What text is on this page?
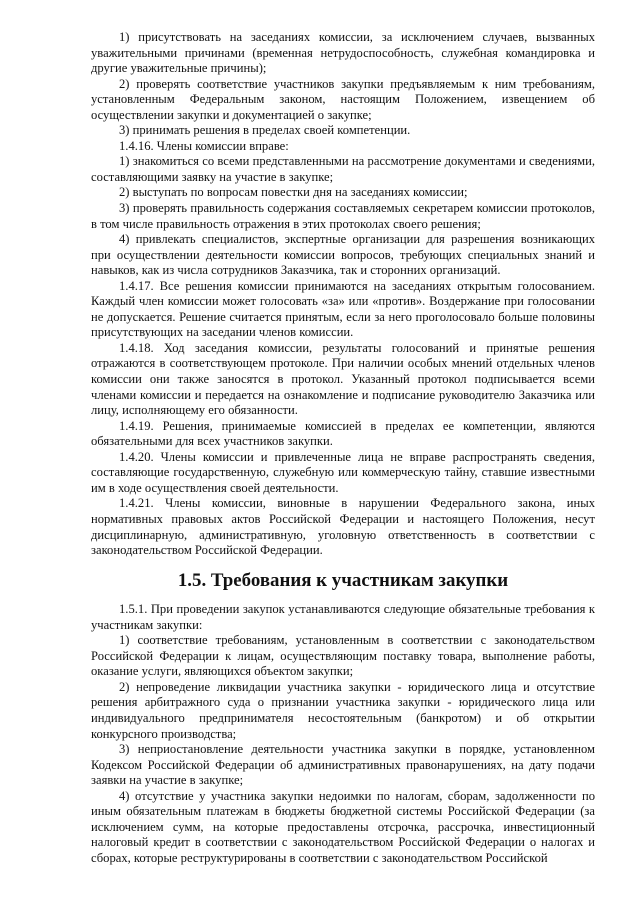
1) присутствовать на заседаниях комиссии, за исключением случаев, вызванных уважительными причинами (временная нетрудоспособность, служебная командировка и другие уважительные причины);

2) проверять соответствие участников закупки предъявляемым к ним требованиям, установленным Федеральным законом, настоящим Положением, извещением об осуществлении закупки и документацией о закупке;

3) принимать решения в пределах своей компетенции.

1.4.16. Члены комиссии вправе:

1) знакомиться со всеми представленными на рассмотрение документами и сведениями, составляющими заявку на участие в закупке;

2) выступать по вопросам повестки дня на заседаниях комиссии;

3) проверять правильность содержания составляемых секретарем комиссии протоколов, в том числе правильность отражения в этих протоколах своего решения;

4) привлекать специалистов, экспертные организации для разрешения возникающих при осуществлении деятельности комиссии вопросов, требующих специальных знаний и навыков, как из числа сотрудников Заказчика, так и сторонних организаций.

1.4.17. Все решения комиссии принимаются на заседаниях открытым голосованием. Каждый член комиссии может голосовать «за» или «против». Воздержание при голосовании не допускается. Решение считается принятым, если за него проголосовало больше половины присутствующих на заседании членов комиссии.

1.4.18. Ход заседания комиссии, результаты голосований и принятые решения отражаются в соответствующем протоколе. При наличии особых мнений отдельных членов комиссии они также заносятся в протокол. Указанный протокол подписывается всеми членами комиссии и передается на ознакомление и подписание руководителю Заказчика или лицу, исполняющему его обязанности.

1.4.19. Решения, принимаемые комиссией в пределах ее компетенции, являются обязательными для всех участников закупки.

1.4.20. Члены комиссии и привлеченные лица не вправе распространять сведения, составляющие государственную, служебную или коммерческую тайну, ставшие известными им в ходе осуществления своей деятельности.

1.4.21. Члены комиссии, виновные в нарушении Федерального закона, иных нормативных правовых актов Российской Федерации и настоящего Положения, несут дисциплинарную, административную, уголовную ответственность в соответствии с законодательством Российской Федерации.

1.5. Требования к участникам закупки

1.5.1. При проведении закупок устанавливаются следующие обязательные требования к участникам закупки:

1) соответствие требованиям, установленным в соответствии с законодательством Российской Федерации к лицам, осуществляющим поставку товара, выполнение работы, оказание услуги, являющихся объектом закупки;

2) непроведение ликвидации участника закупки - юридического лица и отсутствие решения арбитражного суда о признании участника закупки - юридического лица или индивидуального предпринимателя несостоятельным (банкротом) и об открытии конкурсного производства;

3) неприостановление деятельности участника закупки в порядке, установленном Кодексом Российской Федерации об административных правонарушениях, на дату подачи заявки на участие в закупке;

4) отсутствие у участника закупки недоимки по налогам, сборам, задолженности по иным обязательным платежам в бюджеты бюджетной системы Российской Федерации (за исключением сумм, на которые предоставлены отсрочка, рассрочка, инвестиционный налоговый кредит в соответствии с законодательством Российской Федерации о налогах и сборах, которые реструктурированы в соответствии с законодательством Российской
